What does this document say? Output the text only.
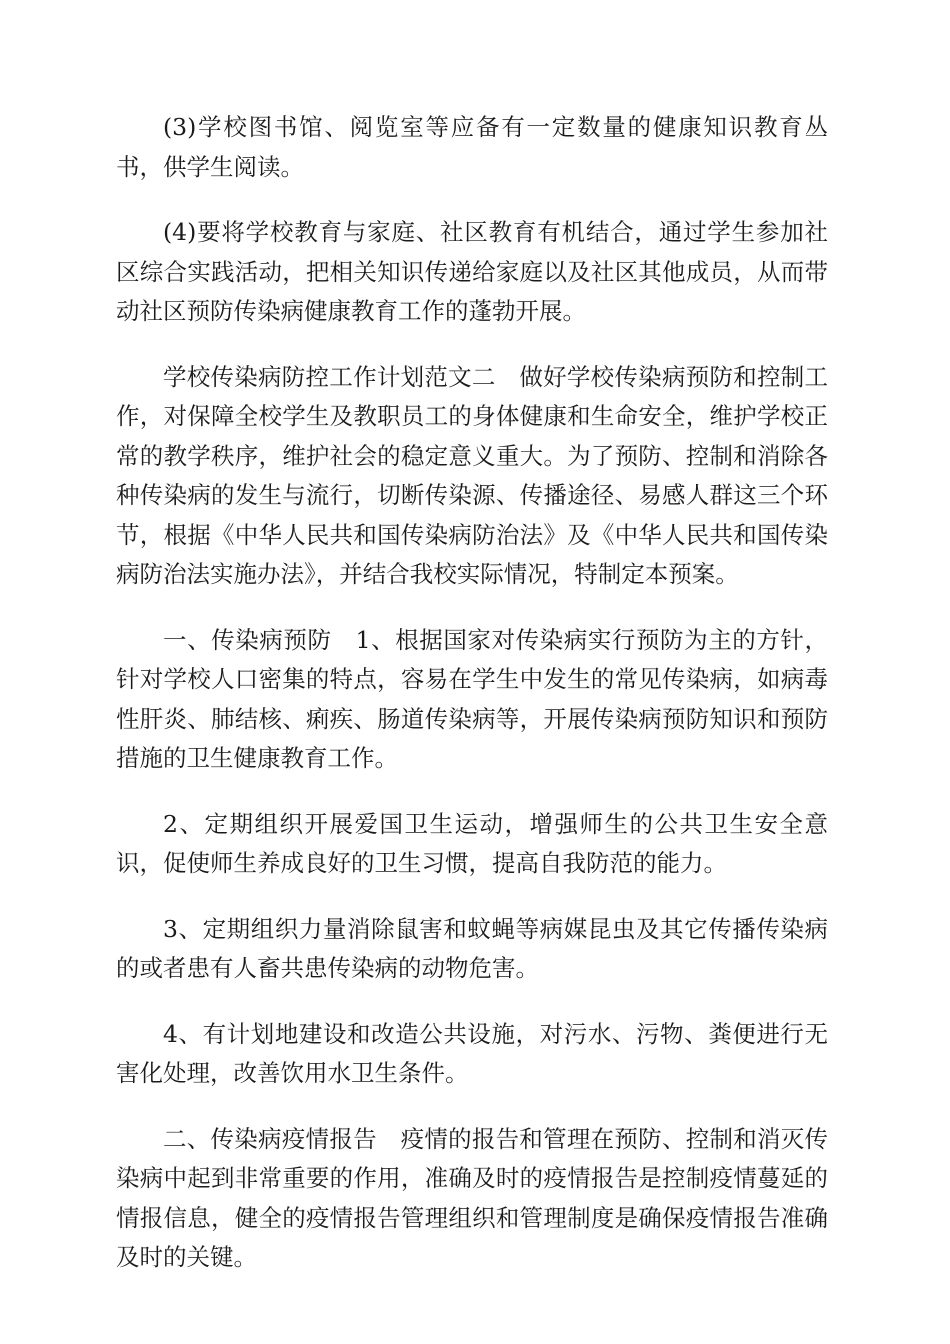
(3)学校图书馆、阅览室等应备有一定数量的健康知识教育丛书，供学生阅读。

(4)要将学校教育与家庭、社区教育有机结合，通过学生参加社区综合实践活动，把相关知识传递给家庭以及社区其他成员，从而带动社区预防传染病健康教育工作的蓬勃开展。

学校传染病防控工作计划范文二　做好学校传染病预防和控制工作，对保障全校学生及教职员工的身体健康和生命安全，维护学校正常的教学秩序，维护社会的稳定意义重大。为了预防、控制和消除各种传染病的发生与流行，切断传染源、传播途径、易感人群这三个环节，根据《中华人民共和国传染病防治法》及《中华人民共和国传染病防治法实施办法》，并结合我校实际情况，特制定本预案。

一、传染病预防　1、根据国家对传染病实行预防为主的方针，针对学校人口密集的特点，容易在学生中发生的常见传染病，如病毒性肝炎、肺结核、痢疾、肠道传染病等，开展传染病预防知识和预防措施的卫生健康教育工作。

2、定期组织开展爱国卫生运动，增强师生的公共卫生安全意识，促使师生养成良好的卫生习惯，提高自我防范的能力。

3、定期组织力量消除鼠害和蚊蝇等病媒昆虫及其它传播传染病的或者患有人畜共患传染病的动物危害。

4、有计划地建设和改造公共设施，对污水、污物、粪便进行无害化处理，改善饮用水卫生条件。

二、传染病疫情报告　疫情的报告和管理在预防、控制和消灭传染病中起到非常重要的作用，准确及时的疫情报告是控制疫情蔓延的情报信息，健全的疫情报告管理组织和管理制度是确保疫情报告准确及时的关键。
